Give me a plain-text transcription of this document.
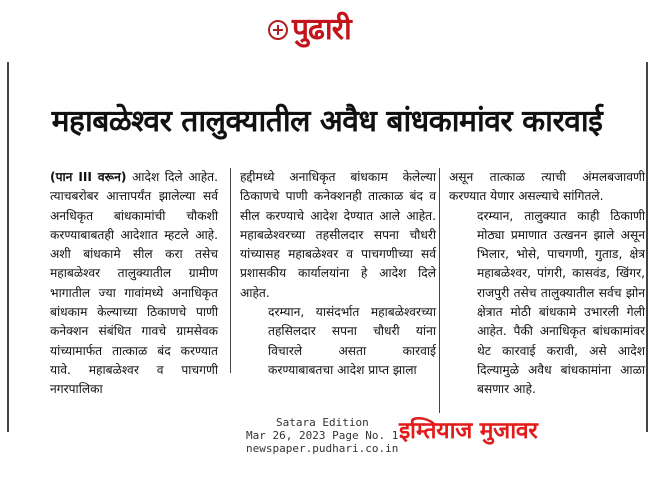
पुढारी
महाबळेश्वर तालुक्यातील अवैध बांधकामांवर कारवाई

(पान III वरून) आदेश दिले आहेत. त्याचबरोबर आत्तापर्यंत झालेल्या सर्व अनधिकृत बांधकामांची चौकशी करण्याबाबतही आदेशात म्हटले आहे. अशी बांधकामे सील करा तसेच महाबळेश्वर तालुक्यातील ग्रामीण भागातील ज्या गावांमध्ये अनाधिकृत बांधकाम केल्याच्या ठिकाणचे पाणी कनेक्शन संबंधित गावचे ग्रामसेवक यांच्यामार्फत तात्काळ बंद करण्यात यावे. महाबळेश्वर व पाचगणी नगरपालिका

हद्दीमध्ये अनाधिकृत बांधकाम केलेल्या ठिकाणचे पाणी कनेक्शनही तात्काळ बंद व सील करण्याचे आदेश देण्यात आले आहेत. महाबळेश्वरच्या तहसीलदार सपना चौधरी यांच्यासह महाबळेश्वर व पाचगणीच्या सर्व प्रशासकीय कार्यालयांना हे आदेश दिले आहेत.

दरम्यान, यासंदर्भात महाबळेश्वरच्या तहसिलदार सपना चौधरी यांना विचारले असता कारवाई करण्याबाबतचा आदेश प्राप्त झाला

असून तात्काळ त्याची अंमलबजावणी करण्यात येणार असल्याचे सांगितले.

दरम्यान, तालुक्यात काही ठिकाणी मोठ्या प्रमाणात उत्खनन झाले असून भिलार, भोसे, पाचगणी, गुताड, क्षेत्र महाबळेश्वर, पांगरी, कासवंड, खिंगर, राजपुरी तसेच तालुक्यातील सर्वच झोन क्षेत्रात मोठी बांधकामे उभारली गेली आहेत. पैकी अनाधिकृत बांधकामांवर थेट कारवाई करावी, असे आदेश दिल्यामुळे अवैध बांधकामांना आळा बसणार आहे.

Satara Edition
Mar 26, 2023 Page No. 1
newspaper.pudhari.co.in
इम्तियाज मुजावर
